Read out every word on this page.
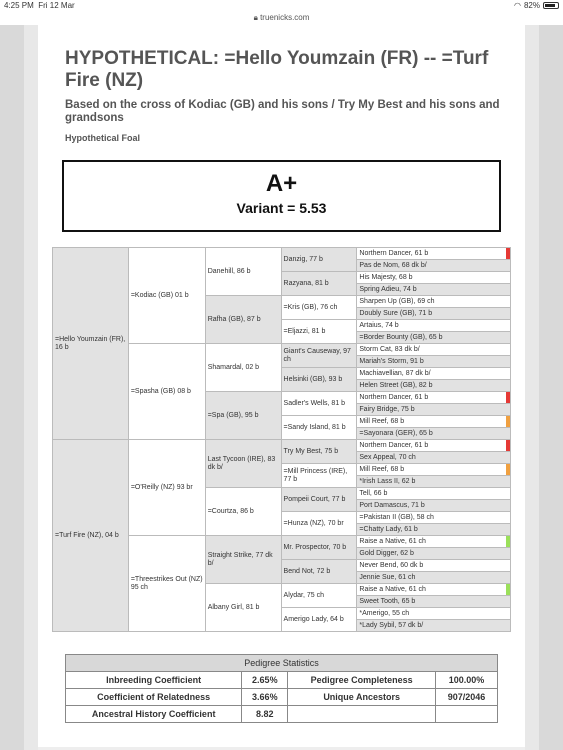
4:25 PM Fri 12 Mar	◠ 82%
🔒︎ truenicks.com
HYPOTHETICAL: =Hello Youmzain (FR) -- =Turf Fire (NZ)
Based on the cross of Kodiac (GB) and his sons / Try My Best and his sons and grandsons
Hypothetical Foal
A+
Variant = 5.53
=Hello Youmzain (FR), 16 b	=Kodiac (GB) 01 b	Danehill, 86 b	Danzig, 77 b	Northern Dancer, 61 b

				Pas de Nom, 68 dk b/
			Razyana, 81 b	His Majesty, 68 b
				Spring Adieu, 74 b
		Rafha (GB), 87 b	=Kris (GB), 76 ch	Sharpen Up (GB), 69 ch
				Doubly Sure (GB), 71 b
			=Eljazzi, 81 b	Artaius, 74 b
				=Border Bounty (GB), 65 b
	=Spasha (GB) 08 b	Shamardal, 02 b	Giant's Causeway, 97 ch	Storm Cat, 83 dk b/
				Mariah's Storm, 91 b
			Helsinki (GB), 93 b	Machiavellian, 87 dk b/
				Helen Street (GB), 82 b
		=Spa (GB), 95 b	Sadler's Wells, 81 b	Northern Dancer, 61 b

				Fairy Bridge, 75 b
			=Sandy Island, 81 b	Mill Reef, 68 b

				=Sayonara (GER), 65 b
=Turf Fire (NZ), 04 b	=O'Reilly (NZ) 93 br	Last Tycoon (IRE), 83 dk b/	Try My Best, 75 b	Northern Dancer, 61 b

				Sex Appeal, 70 ch
			=Mill Princess (IRE), 77 b	Mill Reef, 68 b

				*Irish Lass II, 62 b
		=Courtza, 86 b	Pompeii Court, 77 b	Tell, 66 b
				Port Damascus, 71 b
			=Hunza (NZ), 70 br	=Pakistan II (GB), 58 ch
				=Chatty Lady, 61 b
	=Threestrikes Out (NZ) 95 ch	Straight Strike, 77 dk b/	Mr. Prospector, 70 b	Raise a Native, 61 ch

				Gold Digger, 62 b
			Bend Not, 72 b	Never Bend, 60 dk b
				Jennie Sue, 61 ch
		Albany Girl, 81 b	Alydar, 75 ch	Raise a Native, 61 ch

				Sweet Tooth, 65 b
			Amerigo Lady, 64 b	*Amerigo, 55 ch
				*Lady Sybil, 57 dk b/
Pedigree Statistics			
Inbreeding Coefficient	2.65%	Pedigree Completeness	100.00%
Coefficient of Relatedness	3.66%	Unique Ancestors	907/2046
Ancestral History Coefficient	8.82		
